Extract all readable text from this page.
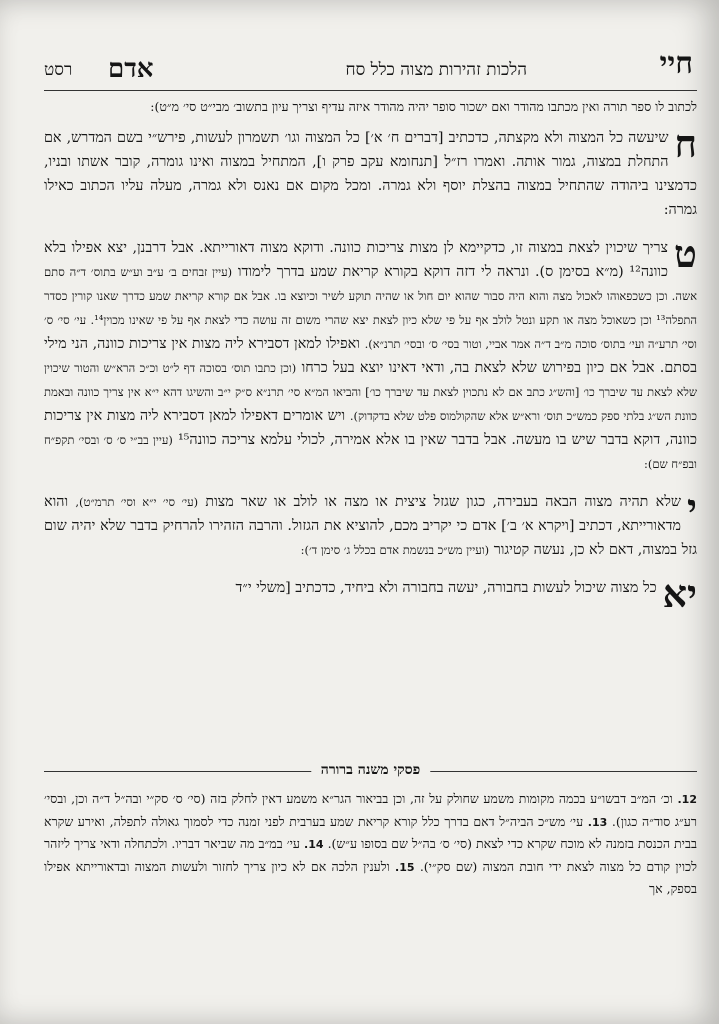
חיי
הלכות זהירות מצוה כלל סח
אדם
רסט

לכתוב לו ספר תורה ואין מכתבו מהודר ואם ישכור סופר יהיה מהודר איזה עדיף וצריך עיון בתשוב׳ מבי״ט סי׳ מ״ט):

ח

שיעשה כל המצוה ולא מקצתה, כדכתיב [דברים ח׳ א׳] כל המצוה וגו׳ תשמרון לעשות, פירש״י בשם המדרש, אם התחלת במצוה, גמור אותה. ואמרו רז״ל [תנחומא עקב פרק ו], המתחיל במצוה ואינו גומרה, קובר אשתו ובניו, כדמצינו ביהודה שהתחיל במצוה בהצלת יוסף ולא גמרה. ומכל מקום אם נאנס ולא גמרה, מעלה עליו הכתוב כאילו גמרה:

ט

צריך שיכוין לצאת במצוה זו, כדקיימא לן מצות צריכות כוונה. ודוקא מצוה דאורייתא. אבל דרבנן, יצא אפילו בלא כוונה¹² (מ״א בסימן ס). ונראה לי דזה דוקא בקורא קריאת שמע בדרך לימודו (עיין זבחים ב׳ ע״ב וע״ש בתוס׳ ד״ה סתם אשה. וכן כשכפאוהו לאכול מצה והוא היה סבור שהוא יום חול או שהיה תוקע לשיר וכיוצא בו. אבל אם קורא קריאת שמע כדרך שאנו קורין כסדר התפלה¹³ וכן כשאוכל מצה או תקע ונטל לולב אף על פי שלא כיון לצאת יצא שהרי משום זה עושה כדי לצאת אף על פי שאינו מכוין¹⁴. עי׳ סי׳ ס׳ וסי׳ תרע״ה ועי׳ בתוס׳ סוכה מ״ב ד״ה אמר אביי, וטור בסי׳ ס׳ ובסי׳ תרנ״א). ואפילו למאן דסבירא ליה מצות אין צריכות כוונה, הני מילי בסתם. אבל אם כיון בפירוש שלא לצאת בה, ודאי דאינו יוצא בעל כרחו (וכן כתבו תוס׳ בסוכה דף ל״ט וכ״כ הרא״ש והטור שיכוין שלא לצאת עד שיברך כו׳ [והש״ג כתב אם לא נתכוין לצאת עד שיברך כו׳] והביאו המ״א סי׳ תרנ״א ס״ק י״ב והשיגו דהא י״א אין צריך כוונה ובאמת כוונת הש״ג בלתי ספק כמש״כ תוס׳ ורא״ש אלא שהקולמוס פלט שלא בדקדוק). ויש אומרים דאפילו למאן דסבירא ליה מצות אין צריכות כוונה, דוקא בדבר שיש בו מעשה. אבל בדבר שאין בו אלא אמירה, לכולי עלמא צריכה כוונה¹⁵ (עיין בב״י ס׳ ס׳ ובסי׳ תקפ״ח ובפ״ח שם):

י

שלא תהיה מצוה הבאה בעבירה, כגון שגזל ציצית או מצה או לולב או שאר מצות (עי׳ סי׳ י״א וסי׳ תרמ״ט), והוא מדאורייתא, דכתיב [ויקרא א׳ ב׳] אדם כי יקריב מכם, להוציא את הגזול. והרבה הזהירו להרחיק בדבר שלא יהיה שום גזל במצוה, דאם לא כן, נעשה קטיגור (ועיין מש״כ בנשמת אדם בכלל ג׳ סימן ד׳):

יא

כל מצוה שיכול לעשות בחבורה, יעשה בחבורה ולא ביחיד, כדכתיב [משלי י״ד

פסקי משנה ברורה

12. וכ׳ המ״ב דבשו״ע בכמה מקומות משמע שחולק על זה, וכן בביאור הגר״א משמע דאין לחלק בזה (סי׳ ס׳ סק״י ובה״ל ד״ה וכן, ובסי׳ רע״ג סוד״ה כגון). 13. עי׳ מש״כ הביה״ל דאם בדרך כלל קורא קריאת שמע בערבית לפני זמנה כדי לסמוך גאולה לתפלה, ואירע שקרא בבית הכנסת בזמנה לא מוכח שקרא כדי לצאת (סי׳ ס׳ בה״ל שם בסופו ע״ש). 14. עי׳ במ״ב מה שביאר דבריו. ולכתחלה ודאי צריך ליזהר לכוין קודם כל מצוה לצאת ידי חובת המצוה (שם סק״י). 15. ולענין הלכה אם לא כיון צריך לחזור ולעשות המצוה ובדאורייתא אפילו בספק, אך
